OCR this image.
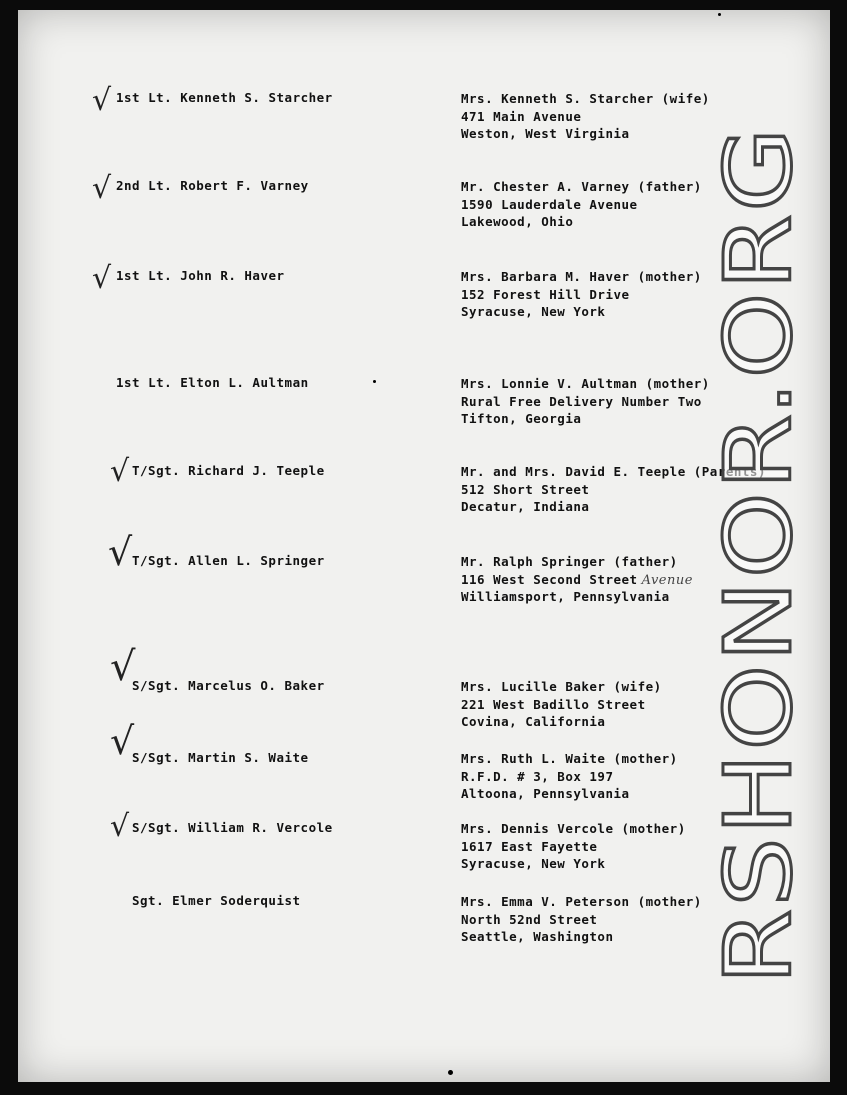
√ 1st Lt. Kenneth S. Starcher	Mrs. Kenneth S. Starcher (wife)
471 Main Avenue
Weston, West Virginia
√ 2nd Lt. Robert F. Varney	Mr. Chester A. Varney (father)
1590 Lauderdale Avenue
Lakewood, Ohio
√ 1st Lt. John R. Haver	Mrs. Barbara M. Haver (mother)
152 Forest Hill Drive
Syracuse, New York
1st Lt. Elton L. Aultman	Mrs. Lonnie V. Aultman (mother)
Rural Free Delivery Number Two
Tifton, Georgia
√ T/Sgt. Richard J. Teeple	Mr. and Mrs. David E. Teeple (Parents)
512 Short Street
Decatur, Indiana
√ T/Sgt. Allen L. Springer	Mr. Ralph Springer (father)
116 West Second Street Avenue
Williamsport, Pennsylvania
√
S/Sgt. Marcelus O. Baker	Mrs. Lucille Baker (wife)
221 West Badillo Street
Covina, California
√
S/Sgt. Martin S. Waite	Mrs. Ruth L. Waite (mother)
R.F.D. # 3, Box 197
Altoona, Pennsylvania
√ S/Sgt. William R. Vercole	Mrs. Dennis Vercole (mother)
1617 East Fayette
Syracuse, New York
Sgt. Elmer Soderquist	Mrs. Emma V. Peterson (mother)
North 52nd Street
Seattle, Washington RSHONOR.ORG
